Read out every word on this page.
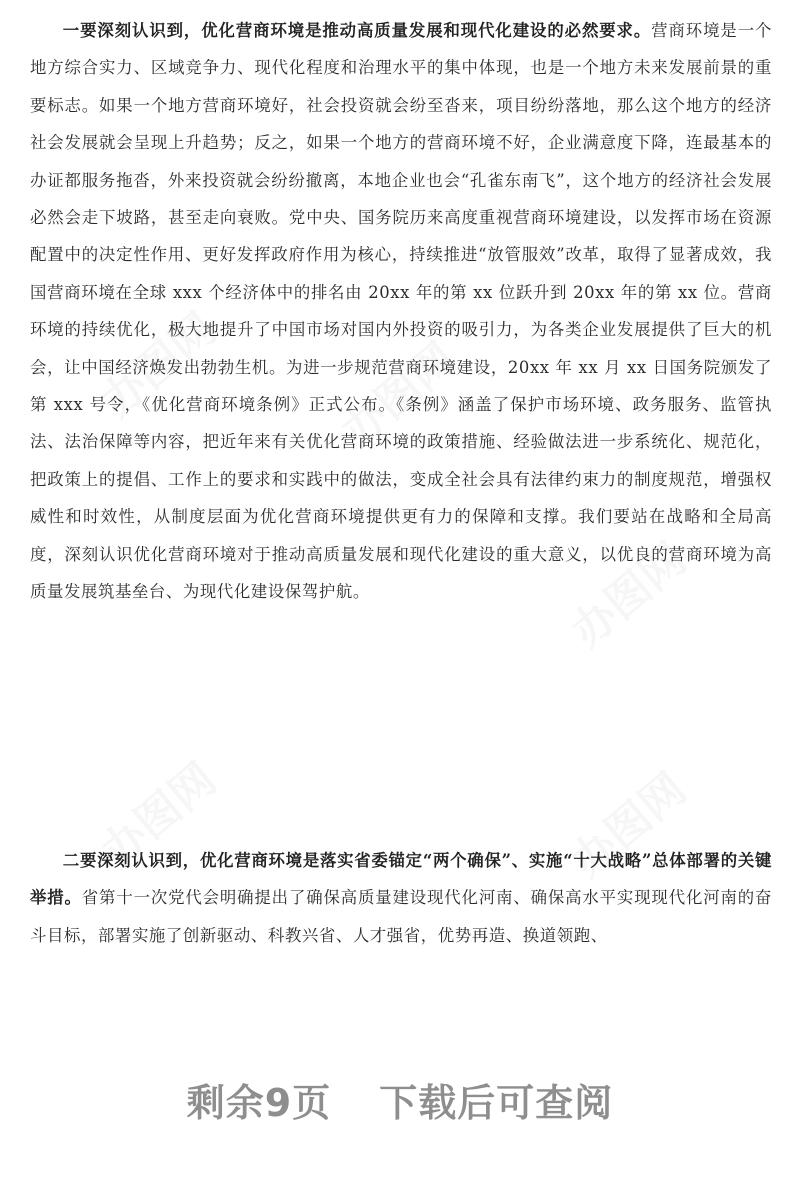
办图网 办图网
办图网
办图网	办图网

一要深刻认识到，优化营商环境是推动高质量发展和现代化建设的必然要求。营商环境是一个地方综合实力、区域竞争力、现代化程度和治理水平的集中体现，也是一个地方未来发展前景的重要标志。如果一个地方营商环境好，社会投资就会纷至沓来，项目纷纷落地，那么这个地方的经济社会发展就会呈现上升趋势；反之，如果一个地方的营商环境不好，企业满意度下降，连最基本的办证都服务拖沓，外来投资就会纷纷撤离，本地企业也会“孔雀东南飞”，这个地方的经济社会发展必然会走下坡路，甚至走向衰败。党中央、国务院历来高度重视营商环境建设，以发挥市场在资源配置中的决定性作用、更好发挥政府作用为核心，持续推进“放管服效”改革，取得了显著成效，我国营商环境在全球 xxx 个经济体中的排名由 20xx 年的第 xx 位跃升到 20xx 年的第 xx 位。营商环境的持续优化，极大地提升了中国市场对国内外投资的吸引力，为各类企业发展提供了巨大的机会，让中国经济焕发出勃勃生机。为进一步规范营商环境建设，20xx 年 xx 月 xx 日国务院颁发了第 xxx 号令，《优化营商环境条例》正式公布。《条例》涵盖了保护市场环境、政务服务、监管执法、法治保障等内容，把近年来有关优化营商环境的政策措施、经验做法进一步系统化、规范化，把政策上的提倡、工作上的要求和实践中的做法，变成全社会具有法律约束力的制度规范，增强权威性和时效性，从制度层面为优化营商环境提供更有力的保障和支撑。我们要站在战略和全局高度，深刻认识优化营商环境对于推动高质量发展和现代化建设的重大意义，以优良的营商环境为高质量发展筑基垒台、为现代化建设保驾护航。

二要深刻认识到，优化营商环境是落实省委锚定“两个确保”、实施“十大战略”总体部署的关键举措。省第十一次党代会明确提出了确保高质量建设现代化河南、确保高水平实现现代化河南的奋斗目标，部署实施了创新驱动、科教兴省、人才强省，优势再造、换道领跑、

剩余9页 下载后可查阅
